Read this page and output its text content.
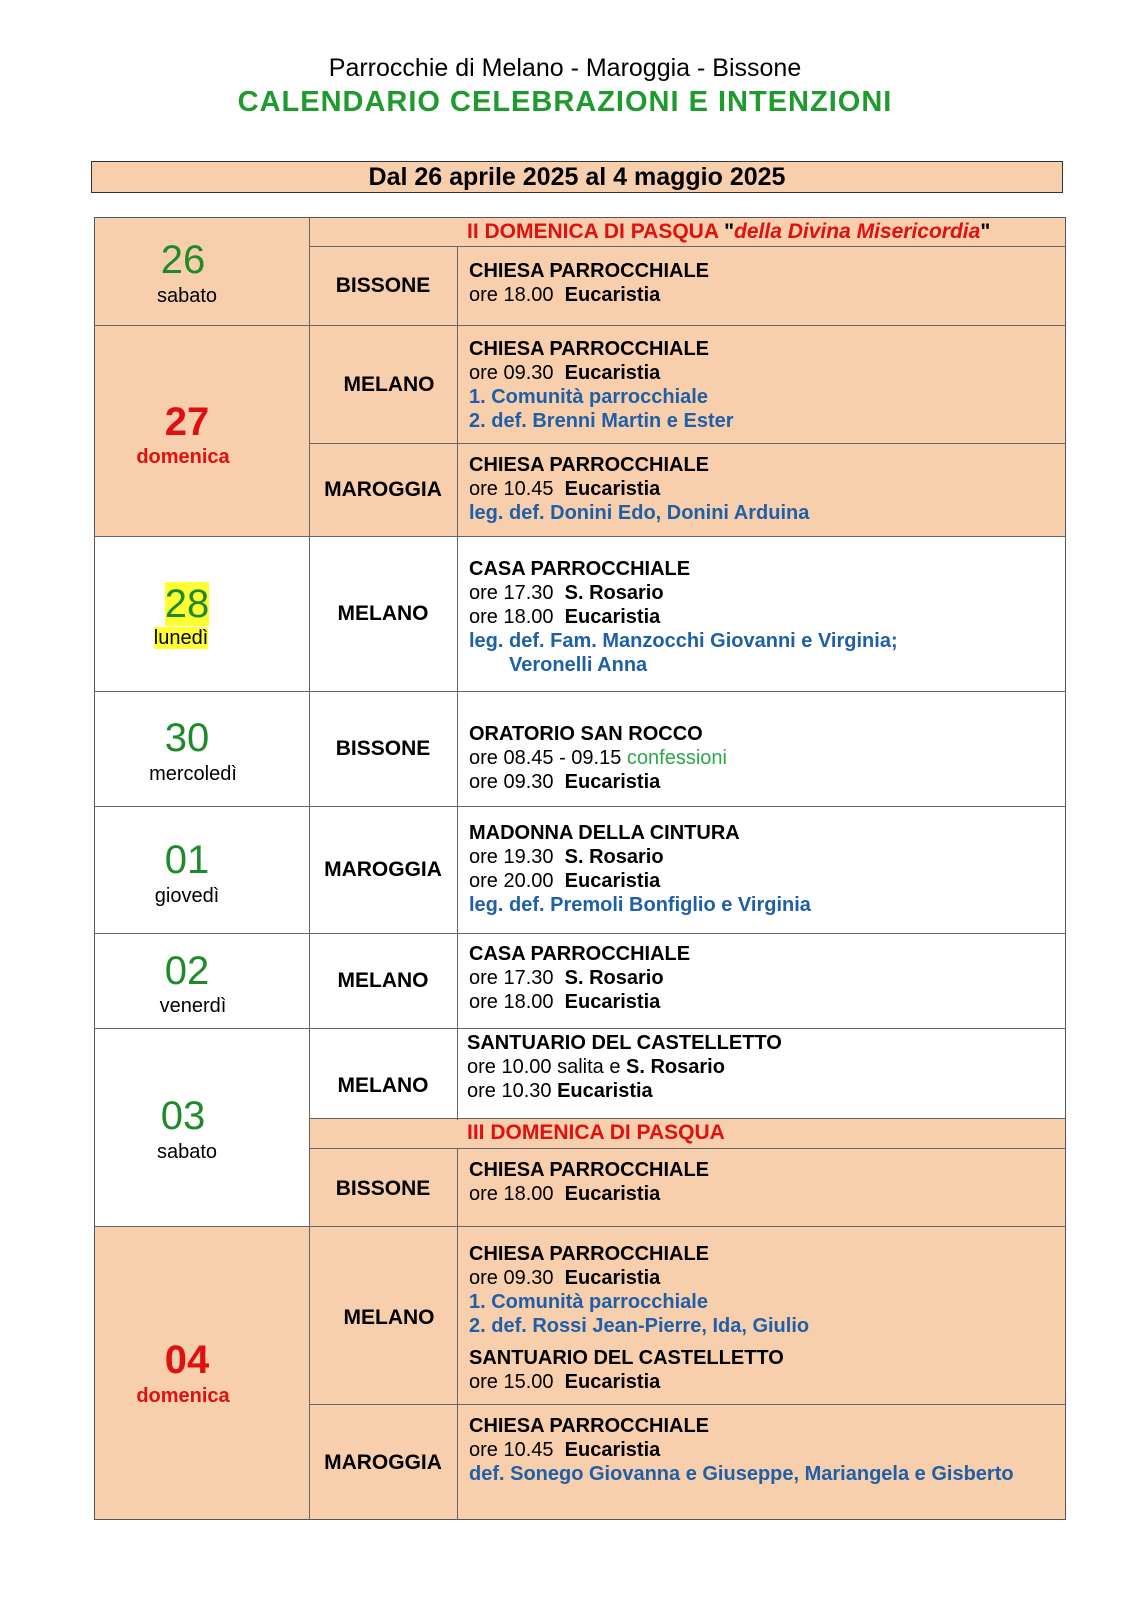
Parrocchie di Melano - Maroggia - Bissone
CALENDARIO CELEBRAZIONI E INTENZIONI
Dal 26 aprile 2025 al 4 maggio 2025
II DOMENICA DI PASQUA "della Divina Misericordia"
III DOMENICA DI PASQUA
26
sabato
27
domenica
28
lunedì
30
mercoledì
01
giovedì
02
venerdì
03
sabato
04
domenica
BISSONE
MELANO
MAROGGIA
MELANO
BISSONE
MAROGGIA
MELANO
MELANO
BISSONE
MELANO
MAROGGIA
CHIESA PARROCCHIALE
ore 18.00 Eucaristia
CHIESA PARROCCHIALE
ore 09.30 Eucaristia
1. Comunità parrocchiale
2. def. Brenni Martin e Ester
CHIESA PARROCCHIALE
ore 10.45 Eucaristia
leg. def. Donini Edo, Donini Arduina
CASA PARROCCHIALE
ore 17.30 S. Rosario
ore 18.00 Eucaristia
leg. def. Fam. Manzocchi Giovanni e Virginia;
Veronelli Anna
ORATORIO SAN ROCCO
ore 08.45 - 09.15 confessioni
ore 09.30 Eucaristia
MADONNA DELLA CINTURA
ore 19.30 S. Rosario
ore 20.00 Eucaristia
leg. def. Premoli Bonfiglio e Virginia
CASA PARROCCHIALE
ore 17.30 S. Rosario
ore 18.00 Eucaristia
SANTUARIO DEL CASTELLETTO
ore 10.00 salita e S. Rosario
ore 10.30 Eucaristia
CHIESA PARROCCHIALE
ore 18.00 Eucaristia
CHIESA PARROCCHIALE
ore 09.30 Eucaristia
1. Comunità parrocchiale
2. def. Rossi Jean-Pierre, Ida, Giulio
SANTUARIO DEL CASTELLETTO
ore 15.00 Eucaristia
CHIESA PARROCCHIALE
ore 10.45 Eucaristia
def. Sonego Giovanna e Giuseppe, Mariangela e Gisberto
